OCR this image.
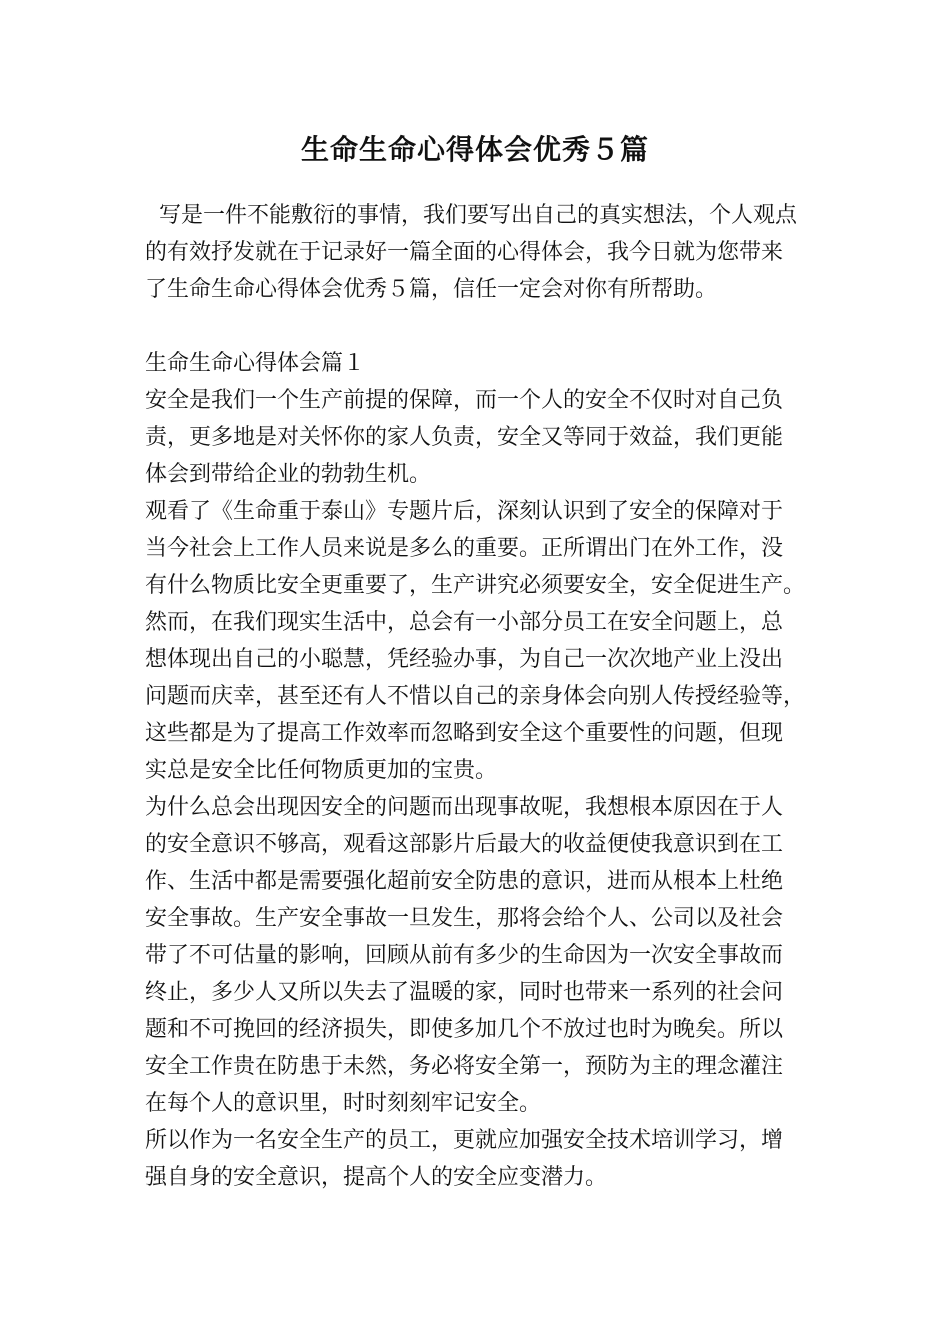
生命生命心得体会优秀５篇
写是一件不能敷衍的事情，我们要写出自己的真实想法，个人观点
的有效抒发就在于记录好一篇全面的心得体会，我今日就为您带来
了生命生命心得体会优秀５篇，信任一定会对你有所帮助。
生命生命心得体会篇１
安全是我们一个生产前提的保障，而一个人的安全不仅时对自己负
责，更多地是对关怀你的家人负责，安全又等同于效益，我们更能
体会到带给企业的勃勃生机。
观看了《生命重于泰山》专题片后，深刻认识到了安全的保障对于
当今社会上工作人员来说是多么的重要。正所谓出门在外工作，没
有什么物质比安全更重要了，生产讲究必须要安全，安全促进生产。
然而，在我们现实生活中，总会有一小部分员工在安全问题上，总
想体现出自己的小聪慧，凭经验办事，为自己一次次地产业上没出
问题而庆幸，甚至还有人不惜以自己的亲身体会向别人传授经验等，
这些都是为了提高工作效率而忽略到安全这个重要性的问题，但现
实总是安全比任何物质更加的宝贵。
为什么总会出现因安全的问题而出现事故呢，我想根本原因在于人
的安全意识不够高，观看这部影片后最大的收益便使我意识到在工
作、生活中都是需要强化超前安全防患的意识，进而从根本上杜绝
安全事故。生产安全事故一旦发生，那将会给个人、公司以及社会
带了不可估量的影响，回顾从前有多少的生命因为一次安全事故而
终止，多少人又所以失去了温暖的家，同时也带来一系列的社会问
题和不可挽回的经济损失，即使多加几个不放过也时为晚矣。所以
安全工作贵在防患于未然，务必将安全第一，预防为主的理念灌注
在每个人的意识里，时时刻刻牢记安全。
所以作为一名安全生产的员工，更就应加强安全技术培训学习，增
强自身的安全意识，提高个人的安全应变潜力。
